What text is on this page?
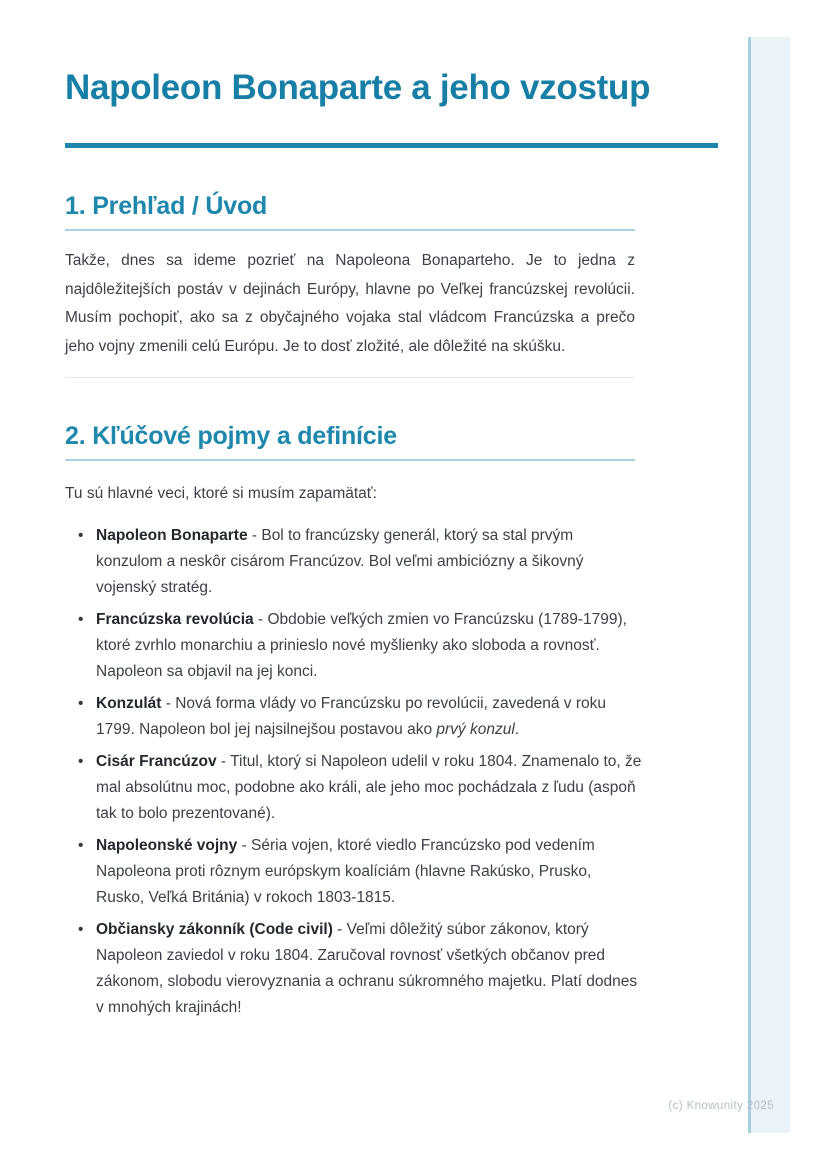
Napoleon Bonaparte a jeho vzostup
1. Prehľad / Úvod

Takže, dnes sa ideme pozrieť na Napoleona Bonaparteho. Je to jedna z najdôležitejších postáv v dejinách Európy, hlavne po Veľkej francúzskej revolúcii. Musím pochopiť, ako sa z obyčajného vojaka stal vládcom Francúzska a prečo jeho vojny zmenili celú Európu. Je to dosť zložité, ale dôležité na skúšku.

2. Kľúčové pojmy a definície

Tu sú hlavné veci, ktoré si musím zapamätať:

• Napoleon Bonaparte - Bol to francúzsky generál, ktorý sa stal prvým konzulom a neskôr cisárom Francúzov. Bol veľmi ambiciózny a šikovný vojenský stratég.
• Francúzska revolúcia - Obdobie veľkých zmien vo Francúzsku (1789-1799), ktoré zvrhlo monarchiu a prinieslo nové myšlienky ako sloboda a rovnosť. Napoleon sa objavil na jej konci.
• Konzulát - Nová forma vlády vo Francúzsku po revolúcii, zavedená v roku 1799. Napoleon bol jej najsilnejšou postavou ako prvý konzul.
• Cisár Francúzov - Titul, ktorý si Napoleon udelil v roku 1804. Znamenalo to, že mal absolútnu moc, podobne ako králi, ale jeho moc pochádzala z ľudu (aspoň tak to bolo prezentované).
• Napoleonské vojny - Séria vojen, ktoré viedlo Francúzsko pod vedením Napoleona proti rôznym európskym koalíciám (hlavne Rakúsko, Prusko, Rusko, Veľká Británia) v rokoch 1803-1815.
• Občiansky zákonník (Code civil) - Veľmi dôležitý súbor zákonov, ktorý Napoleon zaviedol v roku 1804. Zaručoval rovnosť všetkých občanov pred zákonom, slobodu vierovyznania a ochranu súkromného majetku. Platí dodnes v mnohých krajinách!
(c) Knowunity 2025
